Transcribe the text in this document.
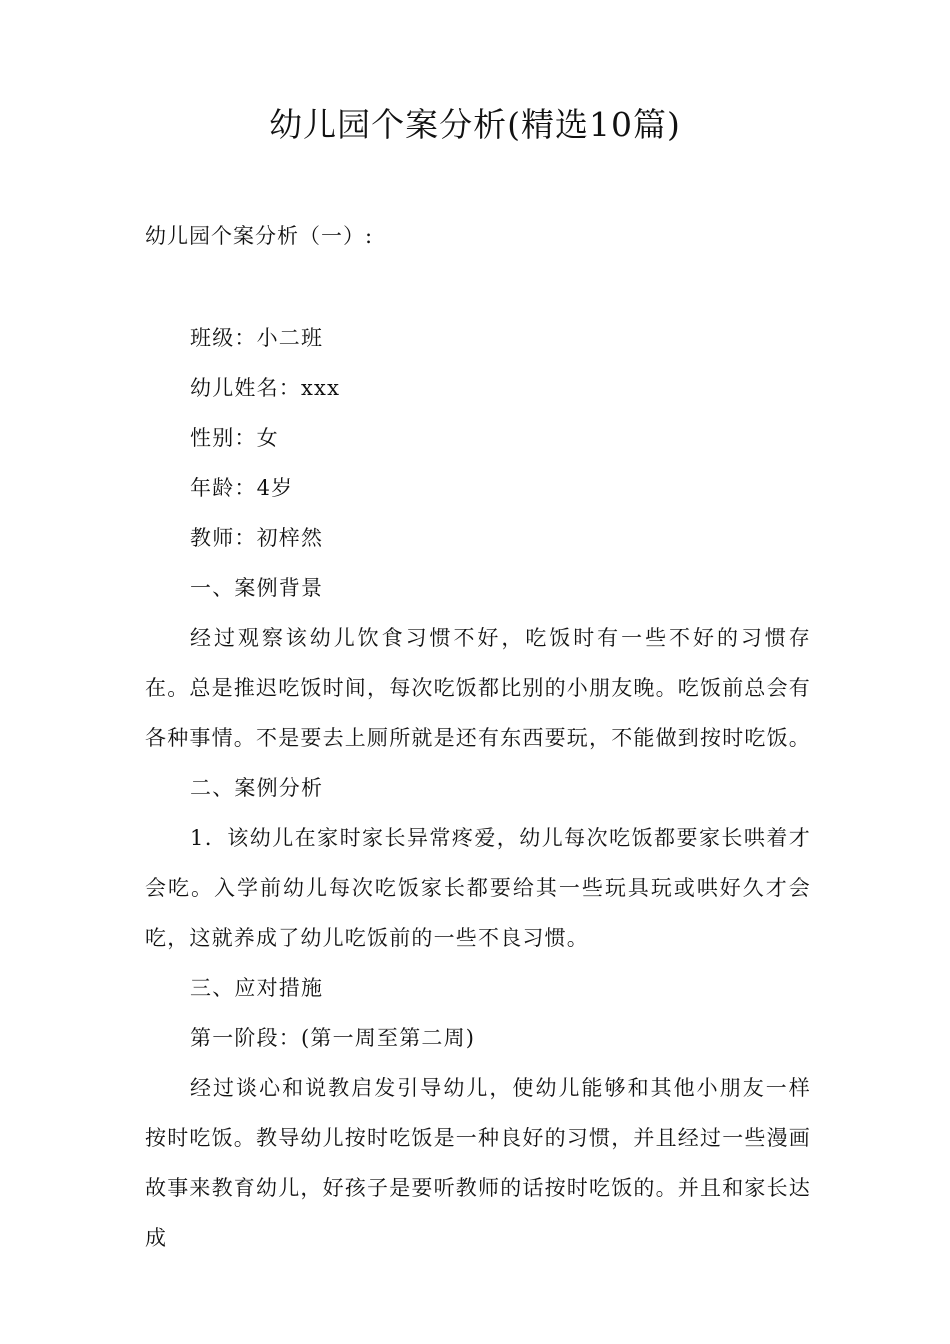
幼儿园个案分析(精选10篇)
幼儿园个案分析（一）:

班级：小二班

幼儿姓名：xxx

性别：女

年龄：4岁

教师：初梓然

一、案例背景

经过观察该幼儿饮食习惯不好，吃饭时有一些不好的习惯存在。总是推迟吃饭时间，每次吃饭都比别的小朋友晚。吃饭前总会有各种事情。不是要去上厕所就是还有东西要玩，不能做到按时吃饭。

二、案例分析

1．该幼儿在家时家长异常疼爱，幼儿每次吃饭都要家长哄着才会吃。入学前幼儿每次吃饭家长都要给其一些玩具玩或哄好久才会吃，这就养成了幼儿吃饭前的一些不良习惯。

三、应对措施

第一阶段：(第一周至第二周)

经过谈心和说教启发引导幼儿，使幼儿能够和其他小朋友一样按时吃饭。教导幼儿按时吃饭是一种良好的习惯，并且经过一些漫画故事来教育幼儿，好孩子是要听教师的话按时吃饭的。并且和家长达成
